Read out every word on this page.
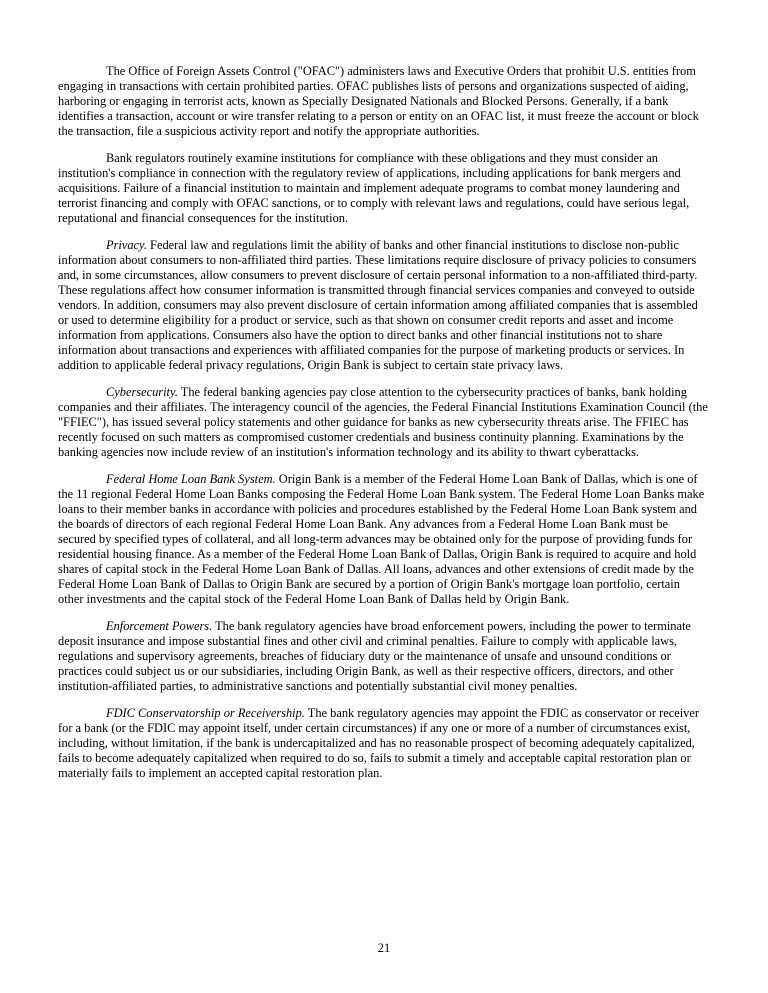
The Office of Foreign Assets Control ("OFAC") administers laws and Executive Orders that prohibit U.S. entities from engaging in transactions with certain prohibited parties. OFAC publishes lists of persons and organizations suspected of aiding, harboring or engaging in terrorist acts, known as Specially Designated Nationals and Blocked Persons. Generally, if a bank identifies a transaction, account or wire transfer relating to a person or entity on an OFAC list, it must freeze the account or block the transaction, file a suspicious activity report and notify the appropriate authorities.

Bank regulators routinely examine institutions for compliance with these obligations and they must consider an institution's compliance in connection with the regulatory review of applications, including applications for bank mergers and acquisitions. Failure of a financial institution to maintain and implement adequate programs to combat money laundering and terrorist financing and comply with OFAC sanctions, or to comply with relevant laws and regulations, could have serious legal, reputational and financial consequences for the institution.

Privacy. Federal law and regulations limit the ability of banks and other financial institutions to disclose non-public information about consumers to non-affiliated third parties. These limitations require disclosure of privacy policies to consumers and, in some circumstances, allow consumers to prevent disclosure of certain personal information to a non-affiliated third-party. These regulations affect how consumer information is transmitted through financial services companies and conveyed to outside vendors. In addition, consumers may also prevent disclosure of certain information among affiliated companies that is assembled or used to determine eligibility for a product or service, such as that shown on consumer credit reports and asset and income information from applications. Consumers also have the option to direct banks and other financial institutions not to share information about transactions and experiences with affiliated companies for the purpose of marketing products or services. In addition to applicable federal privacy regulations, Origin Bank is subject to certain state privacy laws.

Cybersecurity. The federal banking agencies pay close attention to the cybersecurity practices of banks, bank holding companies and their affiliates. The interagency council of the agencies, the Federal Financial Institutions Examination Council (the "FFIEC"), has issued several policy statements and other guidance for banks as new cybersecurity threats arise. The FFIEC has recently focused on such matters as compromised customer credentials and business continuity planning. Examinations by the banking agencies now include review of an institution's information technology and its ability to thwart cyberattacks.

Federal Home Loan Bank System. Origin Bank is a member of the Federal Home Loan Bank of Dallas, which is one of the 11 regional Federal Home Loan Banks composing the Federal Home Loan Bank system. The Federal Home Loan Banks make loans to their member banks in accordance with policies and procedures established by the Federal Home Loan Bank system and the boards of directors of each regional Federal Home Loan Bank. Any advances from a Federal Home Loan Bank must be secured by specified types of collateral, and all long-term advances may be obtained only for the purpose of providing funds for residential housing finance. As a member of the Federal Home Loan Bank of Dallas, Origin Bank is required to acquire and hold shares of capital stock in the Federal Home Loan Bank of Dallas. All loans, advances and other extensions of credit made by the Federal Home Loan Bank of Dallas to Origin Bank are secured by a portion of Origin Bank's mortgage loan portfolio, certain other investments and the capital stock of the Federal Home Loan Bank of Dallas held by Origin Bank.

Enforcement Powers. The bank regulatory agencies have broad enforcement powers, including the power to terminate deposit insurance and impose substantial fines and other civil and criminal penalties. Failure to comply with applicable laws, regulations and supervisory agreements, breaches of fiduciary duty or the maintenance of unsafe and unsound conditions or practices could subject us or our subsidiaries, including Origin Bank, as well as their respective officers, directors, and other institution-affiliated parties, to administrative sanctions and potentially substantial civil money penalties.

FDIC Conservatorship or Receivership. The bank regulatory agencies may appoint the FDIC as conservator or receiver for a bank (or the FDIC may appoint itself, under certain circumstances) if any one or more of a number of circumstances exist, including, without limitation, if the bank is undercapitalized and has no reasonable prospect of becoming adequately capitalized, fails to become adequately capitalized when required to do so, fails to submit a timely and acceptable capital restoration plan or materially fails to implement an accepted capital restoration plan.

21
